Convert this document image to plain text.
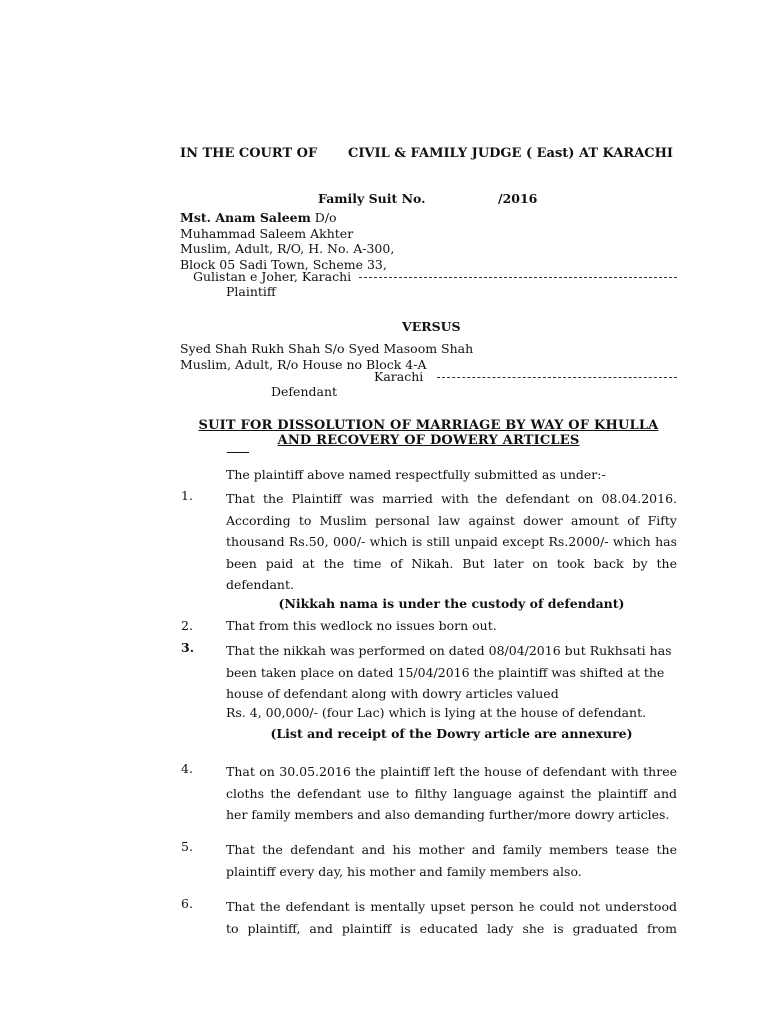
IN THE COURT OF CIVIL & FAMILY JUDGE ( East) AT KARACHI
Family Suit No.	/2016
Mst. Anam Saleem D/o
Muhammad Saleem Akhter
Muslim, Adult, R/O, H. No. A-300,
Block 05 Sadi Town, Scheme 33,
Gulistan e Joher, Karachi
Plaintiff
VERSUS
Syed Shah Rukh Shah S/o Syed Masoom Shah
Muslim, Adult, R/o House no Block 4-A
Karachi
Defendant
SUIT FOR DISSOLUTION OF MARRIAGE BY WAY OF KHULLA
AND RECOVERY OF DOWERY ARTICLES
The plaintiff above named respectfully submitted as under:-
1.	That the Plaintiff was married with the defendant on 08.04.2016. According to Muslim personal law against dower amount of Fifty thousand Rs.50, 000/- which is still unpaid except Rs.2000/- which has been paid at the time of Nikah. But later on took back by the defendant.
(Nikkah nama is under the custody of defendant)
2.	That from this wedlock no issues born out.
3.	That the nikkah was performed on dated 08/04/2016 but Rukhsati has been taken place on dated 15/04/2016 the plaintiff was shifted at the house of defendant along with dowry articles valued
Rs. 4, 00,000/- (four Lac) which is lying at the house of defendant.
(List and receipt of the Dowry article are annexure)
4.	That on 30.05.2016 the plaintiff left the house of defendant with three cloths the defendant use to filthy language against the plaintiff and her family members and also demanding further/more dowry articles.
5.	That the defendant and his mother and family members tease the plaintiff every day, his mother and family members also.
6.	That the defendant is mentally upset person he could not understood to plaintiff, and plaintiff is educated lady she is graduated from
